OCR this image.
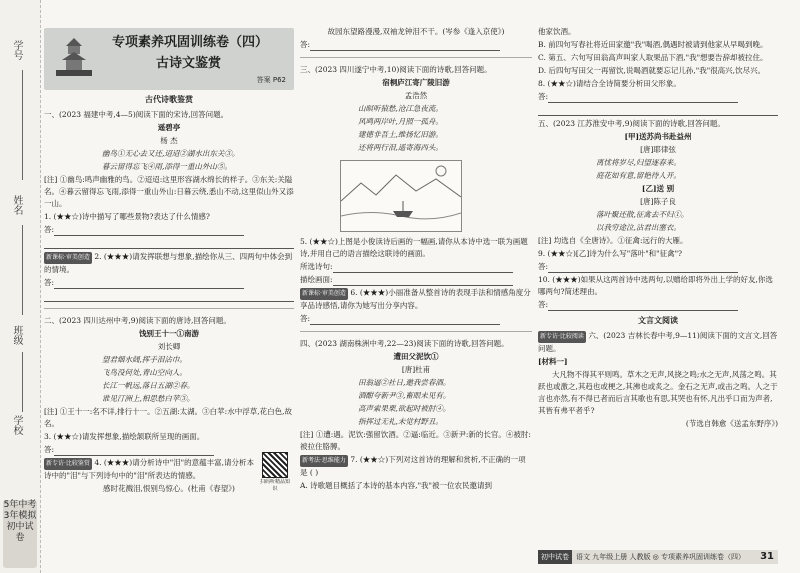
学号
姓名
班级
学校
5年中考3年模拟 初中试卷
专项素养巩固训练卷（四）
古诗文鉴赏
答案 P62
古代诗歌鉴赏

一、(2023 福建中考,4—5)阅读下面的宋诗,回答问题。

遥碧亭

杨 杰

幽鸟①无心去又还,迢迢②湖水出东关③。

暮云留得忘飞④雨,添得一重山外山⑤。

[注] ①幽鸟:鸣声幽雅的鸟。②迢迢:这里形容湖水绵长的样子。③东关:关隘名。④暮云留得忘飞雨,添得一重山外山:日暮云绕,悉山不动,这里似山外又添一山。

1. (★★☆)诗中描写了哪些景物?表达了什么情感?

答:

新课标·审美创造 2. (★★★)请发挥联想与想象,描绘你从三、四两句中体会到的情境。

答:

二、(2023 四川达州中考,9)阅读下面的唐诗,回答问题。

饯别王十一①南游

刘长卿

望君烟水阔,挥手泪沾巾。

飞鸟没何处,青山空向人。

长江一帆远,落日五湖②春。

谁见汀洲上,相思愁白苹③。

[注] ①王十一:名不详,排行十一。②五湖:太湖。③白苹:水中浮草,花白色,故名。

3. (★★☆)请发挥想象,描绘颔联所呈现的画面。

答:

新专访·比较鉴赏 4. (★★★)请分析诗中"泪"的意蕴丰富,请分析本诗中的"泪"与下列诗句中的"泪"所表达的情感。

感时花溅泪,恨别鸟惊心。(杜甫《春望》)

扫码听精品知识

故园东望路漫漫,双袖龙钟泪不干。(岑参《逢入京使》)

答:

三、(2023 四川遂宁中考,10)阅读下面的诗歌,回答问题。

宿桐庐江寄广陵旧游

孟浩然

山暝听猿愁,沧江急夜流。

风鸣两岸叶,月照一孤舟。

建德非吾土,维扬忆旧游。

还将两行泪,遥寄海西头。

5. (★★☆)上图是小俊读诗后画的一幅画,请你从本诗中选一联为画题诗,并用自己的语言描绘这联诗的画面。

所选诗句:

描绘画面:

新课标·审美创造 6. (★★★)小丽准备从整首诗的表现手法和情感角度分享品诗感悟,请你为她写出分享内容。

答:

四、(2023 湖南株洲中考,22—23)阅读下面的诗歌,回答问题。

遭田父泥饮①

[唐]杜甫

田翁逼②社日,邀我尝春酒。

酒酣夸新尹③,畜眼未见有。

高声索果栗,欲起时被肘④。

指挥过无礼,未觉村野丑。

[注] ①遭:遇。泥饮:强留饮酒。②逼:临近。③新尹:新的长官。④被肘:被拉住胳膊。

新考法·思维能力 7. (★★☆)下列对这首诗的理解和赏析,不正确的一项是 ( )

A. 诗歌题目概括了本诗的基本内容,"我"被一位农民邀请到

他家饮酒。

B. 前四句写春社将近田家邀"我"喝酒,偶遇时被请到他家从早喝到晚。

C. 第五、六句写田翁高声叫家人取果品下酒,"我"想要告辞却被拉住。

D. 后四句写田父一再留饮,说喝酒就要忘记儿孙,"我"很高兴,饮尽兴。

8. (★★☆)请结合全诗简要分析田父形象。

答:

五、(2023 江苏淮安中考,9)阅读下面的诗歌,回答问题。

[甲]送苏尚书赴益州

[唐]耶律弦

离忧将岁尽,归望逐春来。

庭花如有意,留艳待人开。

[乙]送 别

[唐]陈子良

落叶聚还散,征禽去不归①。

以我穷途泣,沾君出塞衣。

[注] 均选自《全唐诗》。①征禽:远行的大雁。

9. (★★☆)[乙]诗为什么写"落叶"和"征禽"?

答:

10. (★★★)如果从这两首诗中选两句,以赠给即将外出上学的好友,你选哪两句?简述理由。

答:

文言文阅读

新专访·比较阅读 六、(2023 吉林长春中考,9—11)阅读下面的文言文,回答问题。

[材料一]

大凡物不得其平则鸣。草木之无声,风挠之鸣;水之无声,风荡之鸣。其跃也或激之,其趋也或梗之,其沸也或炙之。金石之无声,或击之鸣。人之于言也亦然,有不得已者而后言其歌也有思,其哭也有怀,凡出乎口而为声者,其皆有弗平者乎?

(节选自韩愈《送孟东野序》)

初中试卷 语文 九年级上册 人教版 ◎ 专项素养巩固训练卷（四） 31
